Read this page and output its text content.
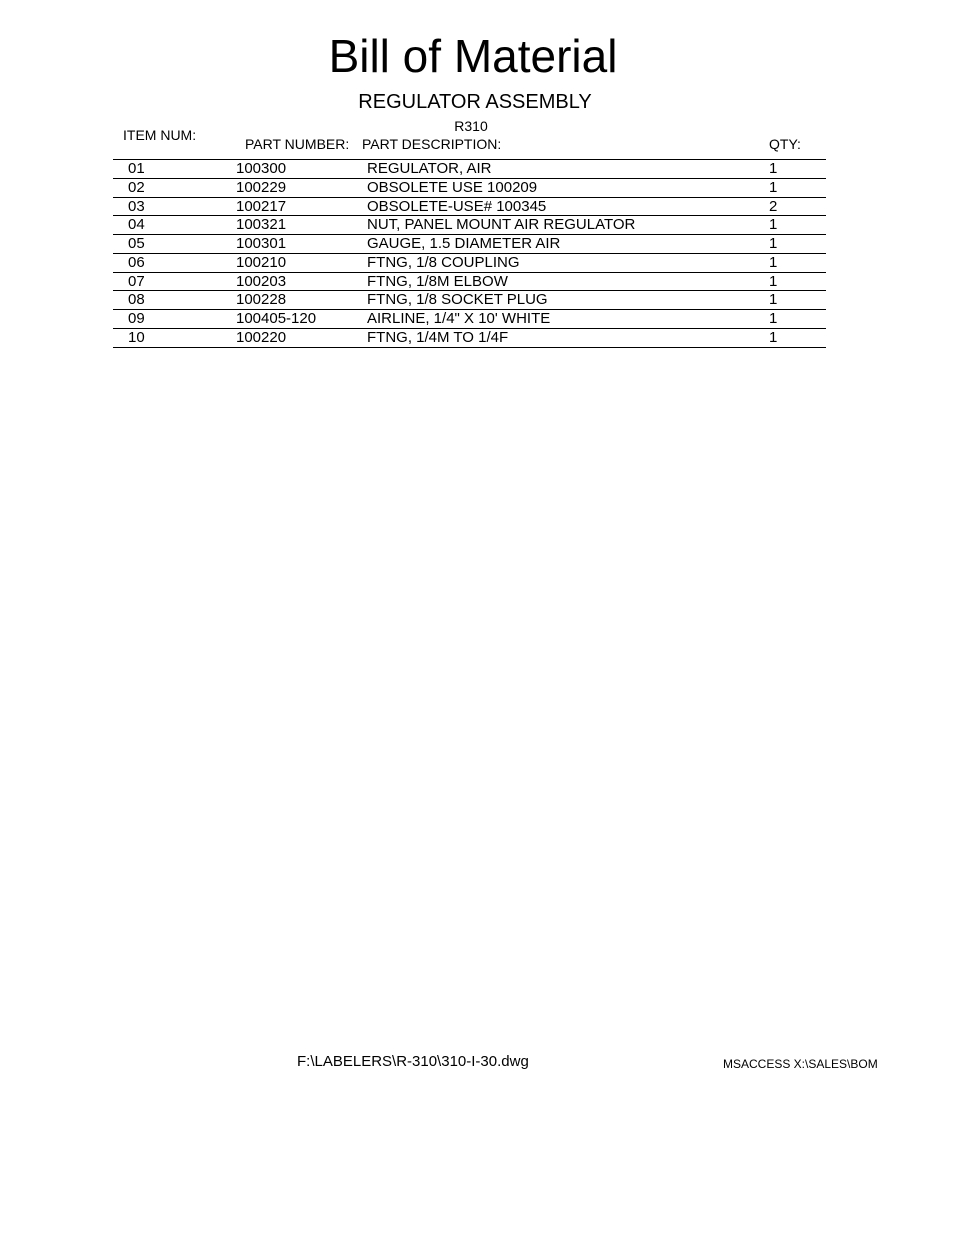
Bill of Material
REGULATOR ASSEMBLY
R310
ITEM NUM:
PART NUMBER: PART DESCRIPTION:	QTY:
01	100300	REGULATOR, AIR	1
02	100229	OBSOLETE USE 100209	1
03	100217	OBSOLETE-USE# 100345	2
04	100321	NUT, PANEL MOUNT AIR REGULATOR	1
05	100301	GAUGE, 1.5 DIAMETER AIR	1
06	100210	FTNG, 1/8 COUPLING	1
07	100203	FTNG, 1/8M ELBOW	1
08	100228	FTNG, 1/8 SOCKET PLUG	1
09	100405-120	AIRLINE, 1/4" X 10' WHITE	1
10	100220	FTNG, 1/4M TO 1/4F	1
F:\LABELERS\R-310\310-I-30.dwg	MSACCESS X:\SALES\BOM
